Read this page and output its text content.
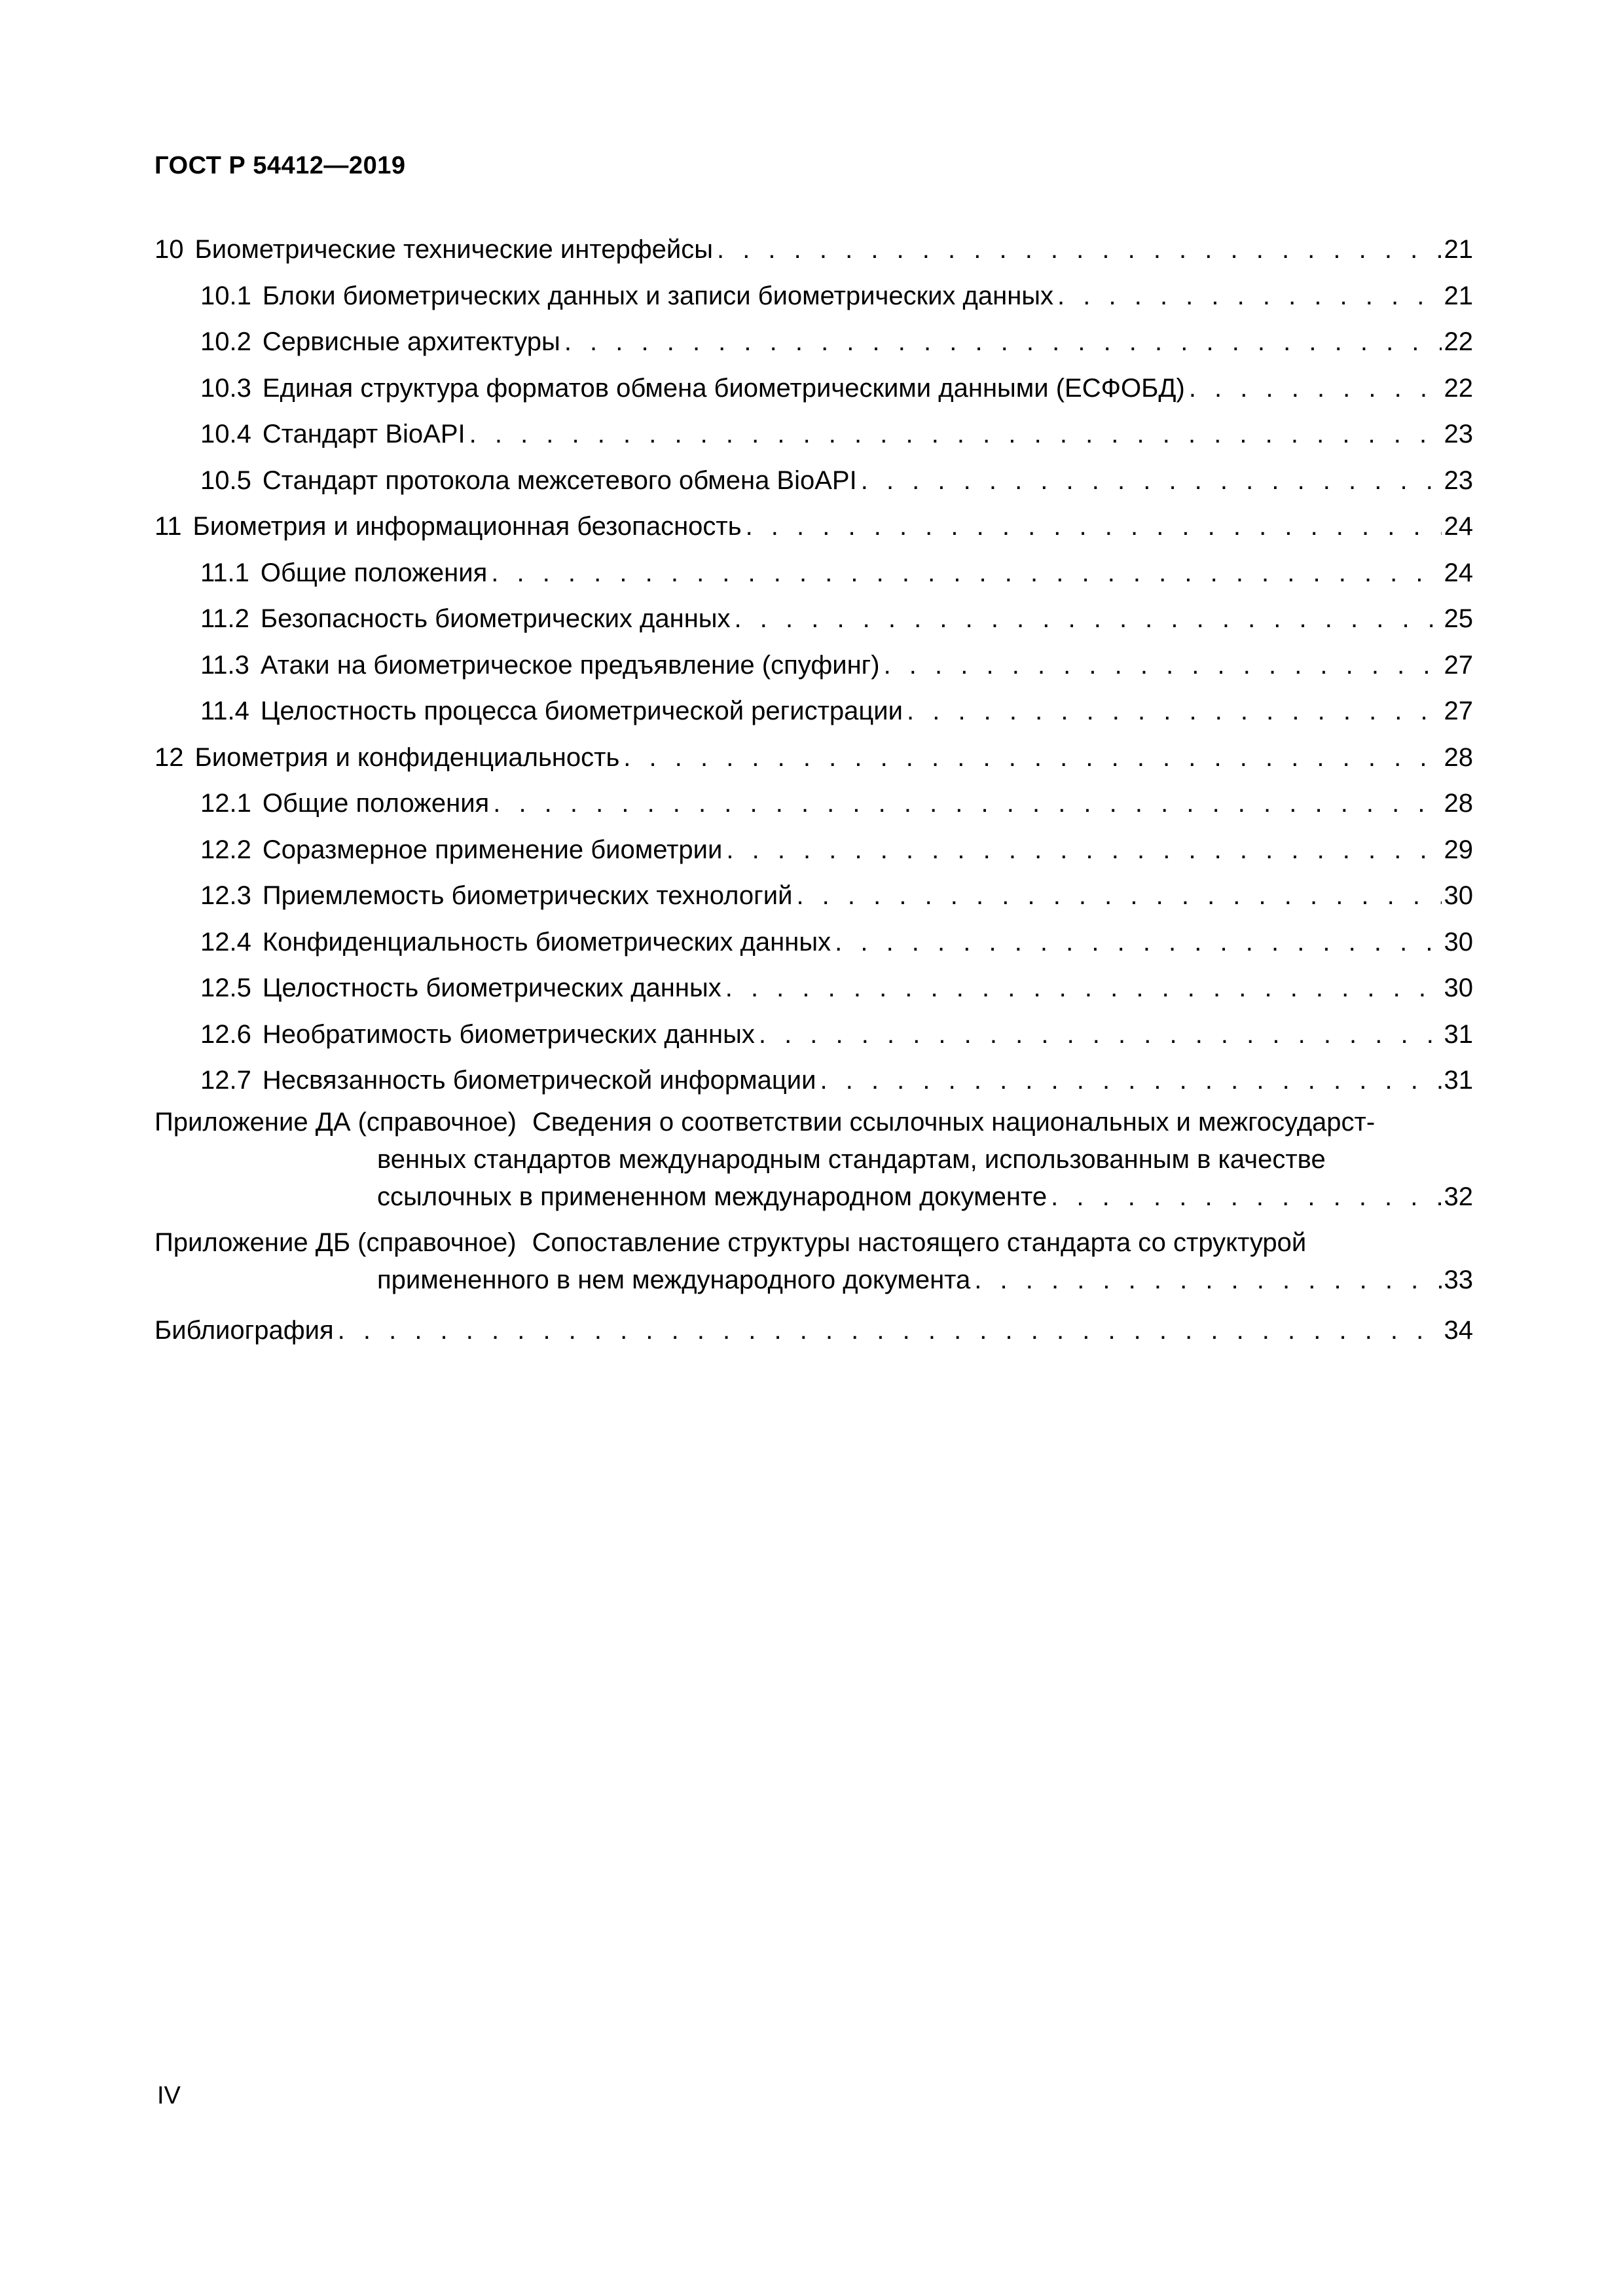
ГОСТ Р 54412—2019
10 Биометрические технические интерфейсы . . .	21
10.1 Блоки биометрических данных и записи биометрических данных . . .	21
10.2 Сервисные архитектуры . . .	22
10.3 Единая структура форматов обмена биометрическими данными (ЕСФОБД) . . .	22
10.4 Стандарт BioAPI . . .	23
10.5 Стандарт протокола межсетевого обмена BioAPI . . .	23
11 Биометрия и информационная безопасность . . .	24
11.1 Общие положения . . .	24
11.2 Безопасность биометрических данных . . .	25
11.3 Атаки на биометрическое предъявление (спуфинг) . . .	27
11.4 Целостность процесса биометрической регистрации . . .	27
12 Биометрия и конфиденциальность . . .	28
12.1 Общие положения . . .	28
12.2 Соразмерное применение биометрии . . .	29
12.3 Приемлемость биометрических технологий . . .	30
12.4 Конфиденциальность биометрических данных . . .	30
12.5 Целостность биометрических данных . . .	30
12.6 Необратимость биометрических данных . . .	31
12.7 Несвязанность биометрической информации . . .	31
Приложение ДА (справочное) Сведения о соответствии ссылочных национальных и межгосударст-
венных стандартов международным стандартам, использованным в качестве
ссылочных в примененном международном документе . . .	32
Приложение ДБ (справочное) Сопоставление структуры настоящего стандарта со структурой
примененного в нем международного документа . . .	33
Библиография . . .	34
IV
